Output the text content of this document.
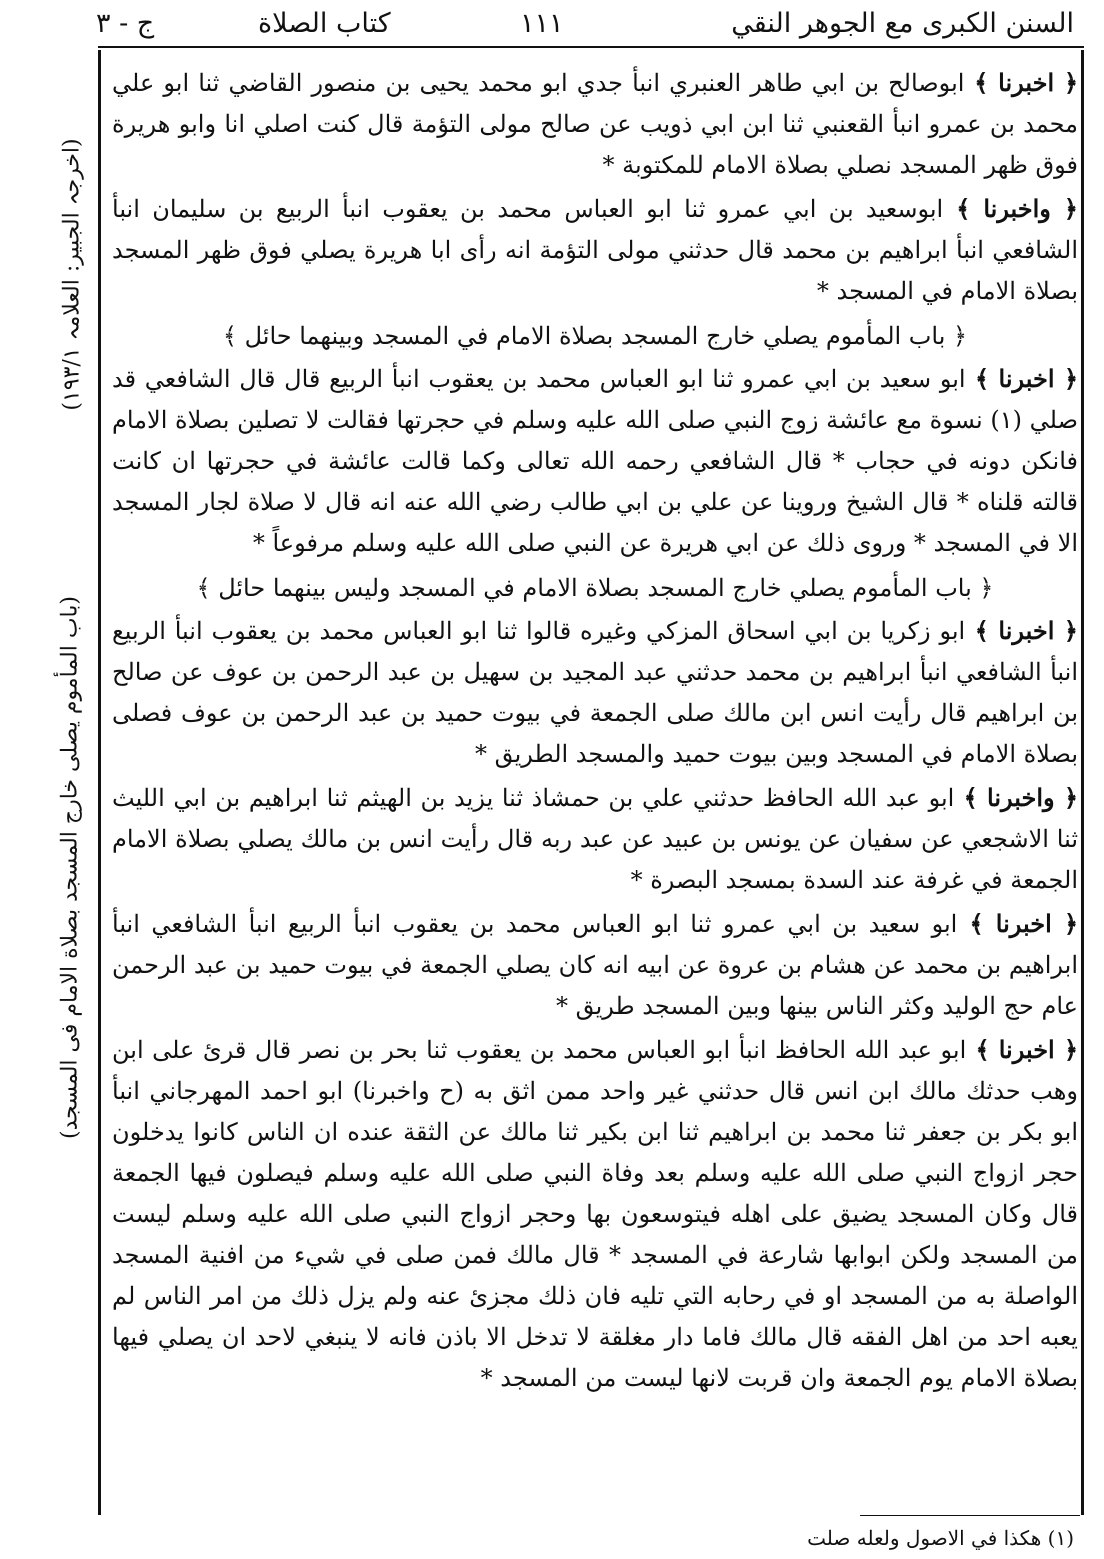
السنن الكبرى مع الجوهر النقي
١١١
كتاب الصلاة
ج - ٣
(اخرجہ الجبیر: العلامہ ١٩٣/١)
(باب المأموم یصلی خارج المسجد بصلاة الامام فی المسجد)

﴿ اخبرنا ﴾ ابوصالح بن ابي طاهر العنبري انبأ جدي ابو محمد يحيى بن منصور القاضي ثنا ابو علي محمد بن عمرو انبأ القعنبي ثنا ابن ابي ذويب عن صالح مولى التؤمة قال كنت اصلي انا وابو هريرة فوق ظهر المسجد نصلي بصلاة الامام للمكتوبة *

﴿ واخبرنا ﴾ ابوسعيد بن ابي عمرو ثنا ابو العباس محمد بن يعقوب انبأ الربيع بن سليمان انبأ الشافعي انبأ ابراهيم بن محمد قال حدثني مولى التؤمة انه رأى ابا هريرة يصلي فوق ظهر المسجد بصلاة الامام في المسجد *

﴿ باب المأموم يصلي خارج المسجد بصلاة الامام في المسجد وبينهما حائل ﴾

﴿ اخبرنا ﴾ ابو سعيد بن ابي عمرو ثنا ابو العباس محمد بن يعقوب انبأ الربيع قال قال الشافعي قد صلي (١) نسوة مع عائشة زوج النبي صلى الله عليه وسلم في حجرتها فقالت لا تصلين بصلاة الامام فانكن دونه في حجاب * قال الشافعي رحمه الله تعالى وكما قالت عائشة في حجرتها ان كانت قالته قلناه * قال الشيخ وروينا عن علي بن ابي طالب رضي الله عنه انه قال لا صلاة لجار المسجد الا في المسجد * وروى ذلك عن ابي هريرة عن النبي صلى الله عليه وسلم مرفوعاً *

﴿ باب المأموم يصلي خارج المسجد بصلاة الامام في المسجد وليس بينهما حائل ﴾

﴿ اخبرنا ﴾ ابو زكريا بن ابي اسحاق المزكي وغيره قالوا ثنا ابو العباس محمد بن يعقوب انبأ الربيع انبأ الشافعي انبأ ابراهيم بن محمد حدثني عبد المجيد بن سهيل بن عبد الرحمن بن عوف عن صالح بن ابراهيم قال رأيت انس ابن مالك صلى الجمعة في بيوت حميد بن عبد الرحمن بن عوف فصلى بصلاة الامام في المسجد وبين بيوت حميد والمسجد الطريق *

﴿ واخبرنا ﴾ ابو عبد الله الحافظ حدثني علي بن حمشاذ ثنا يزيد بن الهيثم ثنا ابراهيم بن ابي الليث ثنا الاشجعي عن سفيان عن يونس بن عبيد عن عبد ربه قال رأيت انس بن مالك يصلي بصلاة الامام الجمعة في غرفة عند السدة بمسجد البصرة *

﴿ اخبرنا ﴾ ابو سعيد بن ابي عمرو ثنا ابو العباس محمد بن يعقوب انبأ الربيع انبأ الشافعي انبأ ابراهيم بن محمد عن هشام بن عروة عن ابيه انه كان يصلي الجمعة في بيوت حميد بن عبد الرحمن عام حج الوليد وكثر الناس بينها وبين المسجد طريق *

﴿ اخبرنا ﴾ ابو عبد الله الحافظ انبأ ابو العباس محمد بن يعقوب ثنا بحر بن نصر قال قرئ على ابن وهب حدثك مالك ابن انس قال حدثني غير واحد ممن اثق به (ح واخبرنا) ابو احمد المهرجاني انبأ ابو بكر بن جعفر ثنا محمد بن ابراهيم ثنا ابن بكير ثنا مالك عن الثقة عنده ان الناس كانوا يدخلون حجر ازواج النبي صلى الله عليه وسلم بعد وفاة النبي صلى الله عليه وسلم فيصلون فيها الجمعة قال وكان المسجد يضيق على اهله فيتوسعون بها وحجر ازواج النبي صلى الله عليه وسلم ليست من المسجد ولكن ابوابها شارعة في المسجد * قال مالك فمن صلى في شيء من افنية المسجد الواصلة به من المسجد او في رحابه التي تليه فان ذلك مجزئ عنه ولم يزل ذلك من امر الناس لم يعبه احد من اهل الفقه قال مالك فاما دار مغلقة لا تدخل الا باذن فانه لا ينبغي لاحد ان يصلي فيها بصلاة الامام يوم الجمعة وان قربت لانها ليست من المسجد *

(١) هكذا في الاصول ولعله صلت
